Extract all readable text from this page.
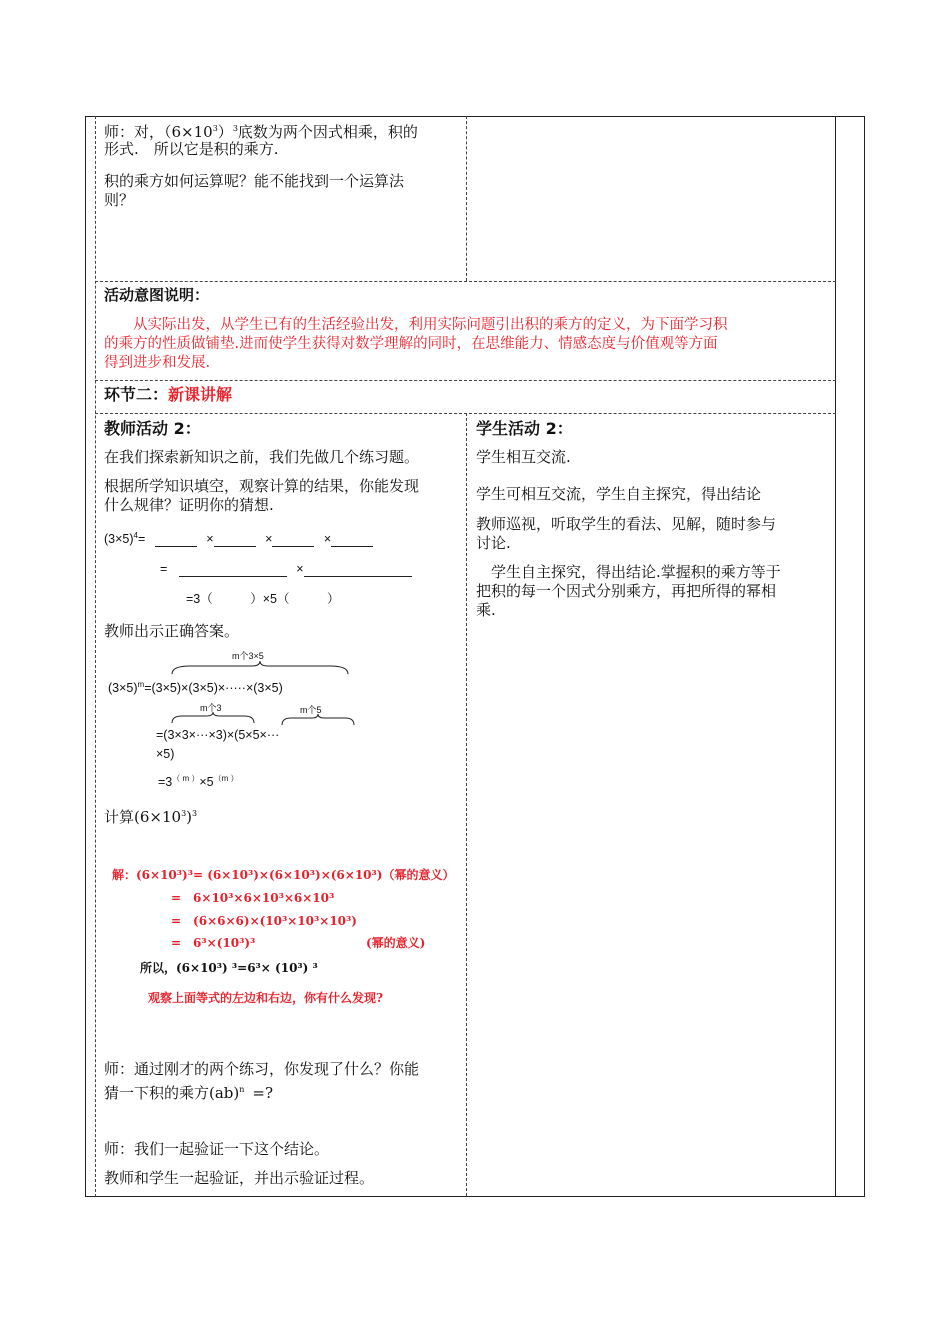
师：对，$(6\times 10^3)^3$底数为两个因式相乘，积的
形式.　所以它是积的乘方.
积的乘方如何运算呢？能不能找到一个运算法
则？
活动意图说明：
　　从实际出发，从学生已有的生活经验出发，利用实际问题引出积的乘方的定义，为下面学习积
的乘方的性质做铺垫.进而使学生获得对数学理解的同时，在思维能力、情感态度与价值观等方面
得到进步和发展.
环节二：新课讲解
教师活动 2：
在我们探索新知识之前，我们先做几个练习题。
根据所学知识填空，观察计算的结果，你能发现
什么规律？证明你的猜想.
$(3\times 5)^4=$	×	×	×
=	×
=3（　　　）×5（　　　）
教师出示正确答案。
m个3×5
$(3\times 5)^m=(3\times 5)\times(3\times 5)\times\cdot\cdot\cdot\cdot\cdot\times(3\times 5)$
m个3	m个5
=(3×3×···×3)×(5×5×···
×5)
$=3^{( m )}\times 5^{(m )}$
计算$(6\times 10^3)^3$
解：(6×10³)³= (6×10³)×(6×10³)×(6×10³)（幂的意义）
=　6×10³×6×10³×6×10³
=　(6×6×6)×(10³×10³×10³)
=　6³×(10³)³	(幂的意义)
所以，(6×10³) ³=6³× (10³) ³
观察上面等式的左边和右边，你有什么发现?
师：通过刚才的两个练习，你发现了什么？你能
猜一下积的乘方(ab)$^n$ =?
师：我们一起验证一下这个结论。
教师和学生一起验证，并出示验证过程。
学生活动 2：
学生相互交流.
学生可相互交流，学生自主探究，得出结论
教师巡视，听取学生的看法、见解，随时参与
讨论.
　学生自主探究，得出结论.掌握积的乘方等于
把积的每一个因式分别乘方，再把所得的幂相
乘.
